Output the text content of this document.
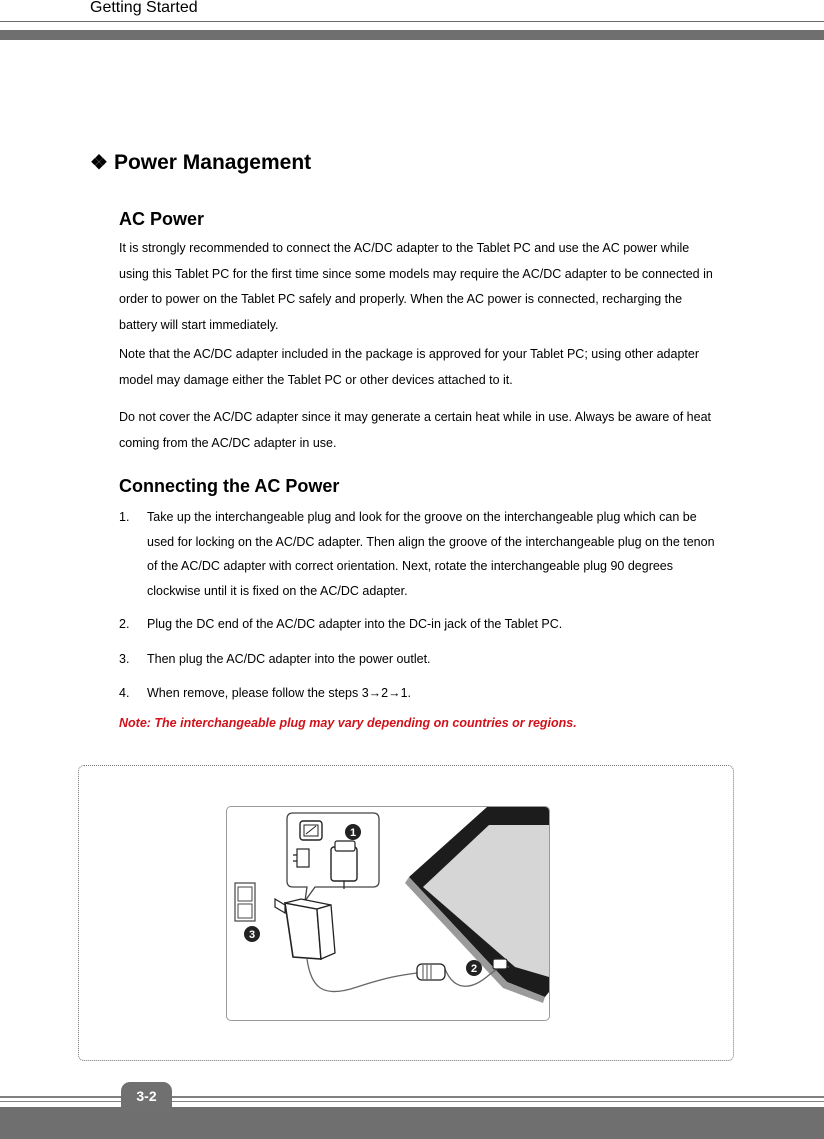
Getting Started
❖ Power Management
AC Power

It is strongly recommended to connect the AC/DC adapter to the Tablet PC and use the AC power while using this Tablet PC for the first time since some models may require the AC/DC adapter to be connected in order to power on the Tablet PC safely and properly. When the AC power is connected, recharging the battery will start immediately.

Note that the AC/DC adapter included in the package is approved for your Tablet PC; using other adapter model may damage either the Tablet PC or other devices attached to it.

Do not cover the AC/DC adapter since it may generate a certain heat while in use. Always be aware of heat coming from the AC/DC adapter in use.

Connecting the AC Power
1. Take up the interchangeable plug and look for the groove on the interchangeable plug which can be used for locking on the AC/DC adapter. Then align the groove of the interchangeable plug on the tenon of the AC/DC adapter with correct orientation. Next, rotate the interchangeable plug 90 degrees clockwise until it is fixed on the AC/DC adapter.
2. Plug the DC end of the AC/DC adapter into the DC-in jack of the Tablet PC.
3. Then plug the AC/DC adapter into the power outlet.
4. When remove, please follow the steps 3→2→1.
Note: The interchangeable plug may vary depending on countries or regions.
1
2
3
3-2
